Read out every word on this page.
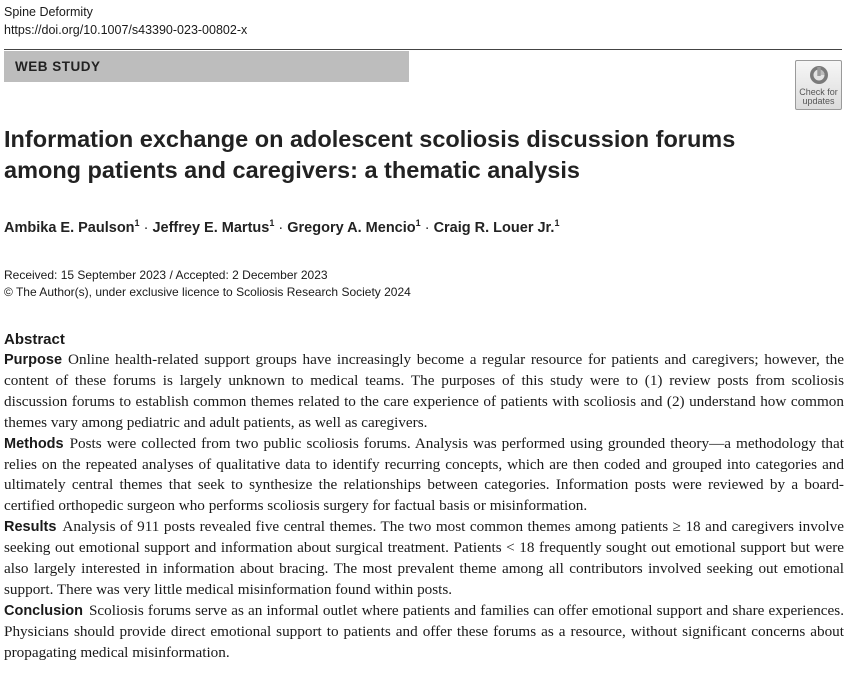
Spine Deformity
https://doi.org/10.1007/s43390-023-00802-x
WEB STUDY
Check for
updates
Information exchange on adolescent scoliosis discussion forums among patients and caregivers: a thematic analysis
Ambika E. Paulson$^1$ · Jeffrey E. Martus$^1$ · Gregory A. Mencio$^1$ · Craig R. Louer Jr.$^1$
Received: 15 September 2023 / Accepted: 2 December 2023
© The Author(s), under exclusive licence to Scoliosis Research Society 2024
Abstract

Purpose Online health-related support groups have increasingly become a regular resource for patients and caregivers; however, the content of these forums is largely unknown to medical teams. The purposes of this study were to (1) review posts from scoliosis discussion forums to establish common themes related to the care experience of patients with scoliosis and (2) understand how common themes vary among pediatric and adult patients, as well as caregivers.

Methods Posts were collected from two public scoliosis forums. Analysis was performed using grounded theory—a methodology that relies on the repeated analyses of qualitative data to identify recurring concepts, which are then coded and grouped into categories and ultimately central themes that seek to synthesize the relationships between categories. Information posts were reviewed by a board-certified orthopedic surgeon who performs scoliosis surgery for factual basis or misinformation.

Results Analysis of 911 posts revealed five central themes. The two most common themes among patients ≥ 18 and caregivers involve seeking out emotional support and information about surgical treatment. Patients < 18 frequently sought out emotional support but were also largely interested in information about bracing. The most prevalent theme among all contributors involved seeking out emotional support. There was very little medical misinformation found within posts.

Conclusion Scoliosis forums serve as an informal outlet where patients and families can offer emotional support and share experiences. Physicians should provide direct emotional support to patients and offer these forums as a resource, without significant concerns about propagating medical misinformation.
